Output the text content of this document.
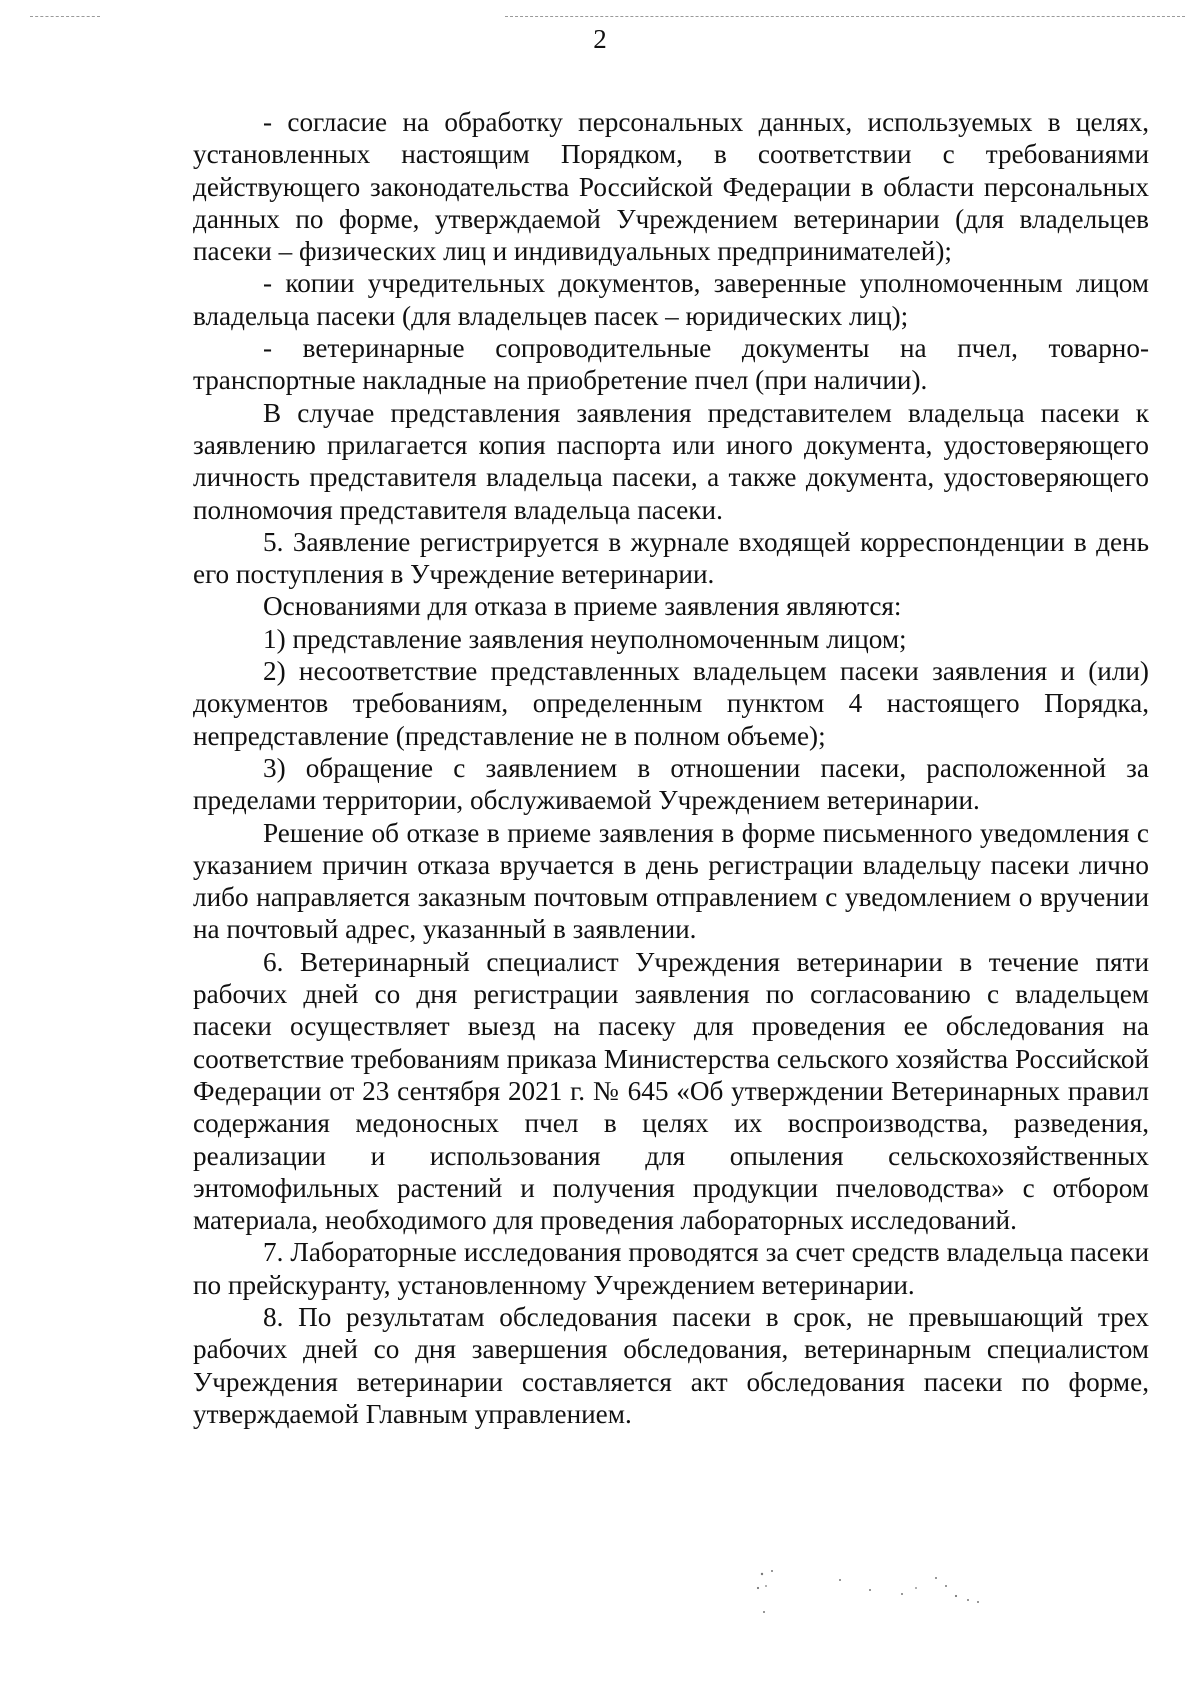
2

- согласие на обработку персональных данных, используемых в целях, установленных настоящим Порядком, в соответствии с требованиями действующего законодательства Российской Федерации в области персональных данных по форме, утверждаемой Учреждением ветеринарии (для владельцев пасеки – физических лиц и индивидуальных предпринимателей);

- копии учредительных документов, заверенные уполномоченным лицом владельца пасеки (для владельцев пасек – юридических лиц);

- ветеринарные сопроводительные документы на пчел, товарно-транспортные накладные на приобретение пчел (при наличии).

В случае представления заявления представителем владельца пасеки к заявлению прилагается копия паспорта или иного документа, удостоверяющего личность представителя владельца пасеки, а также документа, удостоверяющего полномочия представителя владельца пасеки.

5. Заявление регистрируется в журнале входящей корреспонденции в день его поступления в Учреждение ветеринарии.

Основаниями для отказа в приеме заявления являются:

1) представление заявления неуполномоченным лицом;

2) несоответствие представленных владельцем пасеки заявления и (или) документов требованиям, определенным пунктом 4 настоящего Порядка, непредставление (представление не в полном объеме);

3) обращение с заявлением в отношении пасеки, расположенной за пределами территории, обслуживаемой Учреждением ветеринарии.

Решение об отказе в приеме заявления в форме письменного уведомления с указанием причин отказа вручается в день регистрации владельцу пасеки лично либо направляется заказным почтовым отправлением с уведомлением о вручении на почтовый адрес, указанный в заявлении.

6. Ветеринарный специалист Учреждения ветеринарии в течение пяти рабочих дней со дня регистрации заявления по согласованию с владельцем пасеки осуществляет выезд на пасеку для проведения ее обследования на соответствие требованиям приказа Министерства сельского хозяйства Российской Федерации от 23 сентября 2021 г. № 645 «Об утверждении Ветеринарных правил содержания медоносных пчел в целях их воспроизводства, разведения, реализации и использования для опыления сельскохозяйственных энтомофильных растений и получения продукции пчеловодства» с отбором материала, необходимого для проведения лабораторных исследований.

7. Лабораторные исследования проводятся за счет средств владельца пасеки по прейскуранту, установленному Учреждением ветеринарии.

8. По результатам обследования пасеки в срок, не превышающий трех рабочих дней со дня завершения обследования, ветеринарным специалистом Учреждения ветеринарии составляется акт обследования пасеки по форме, утверждаемой Главным управлением.
